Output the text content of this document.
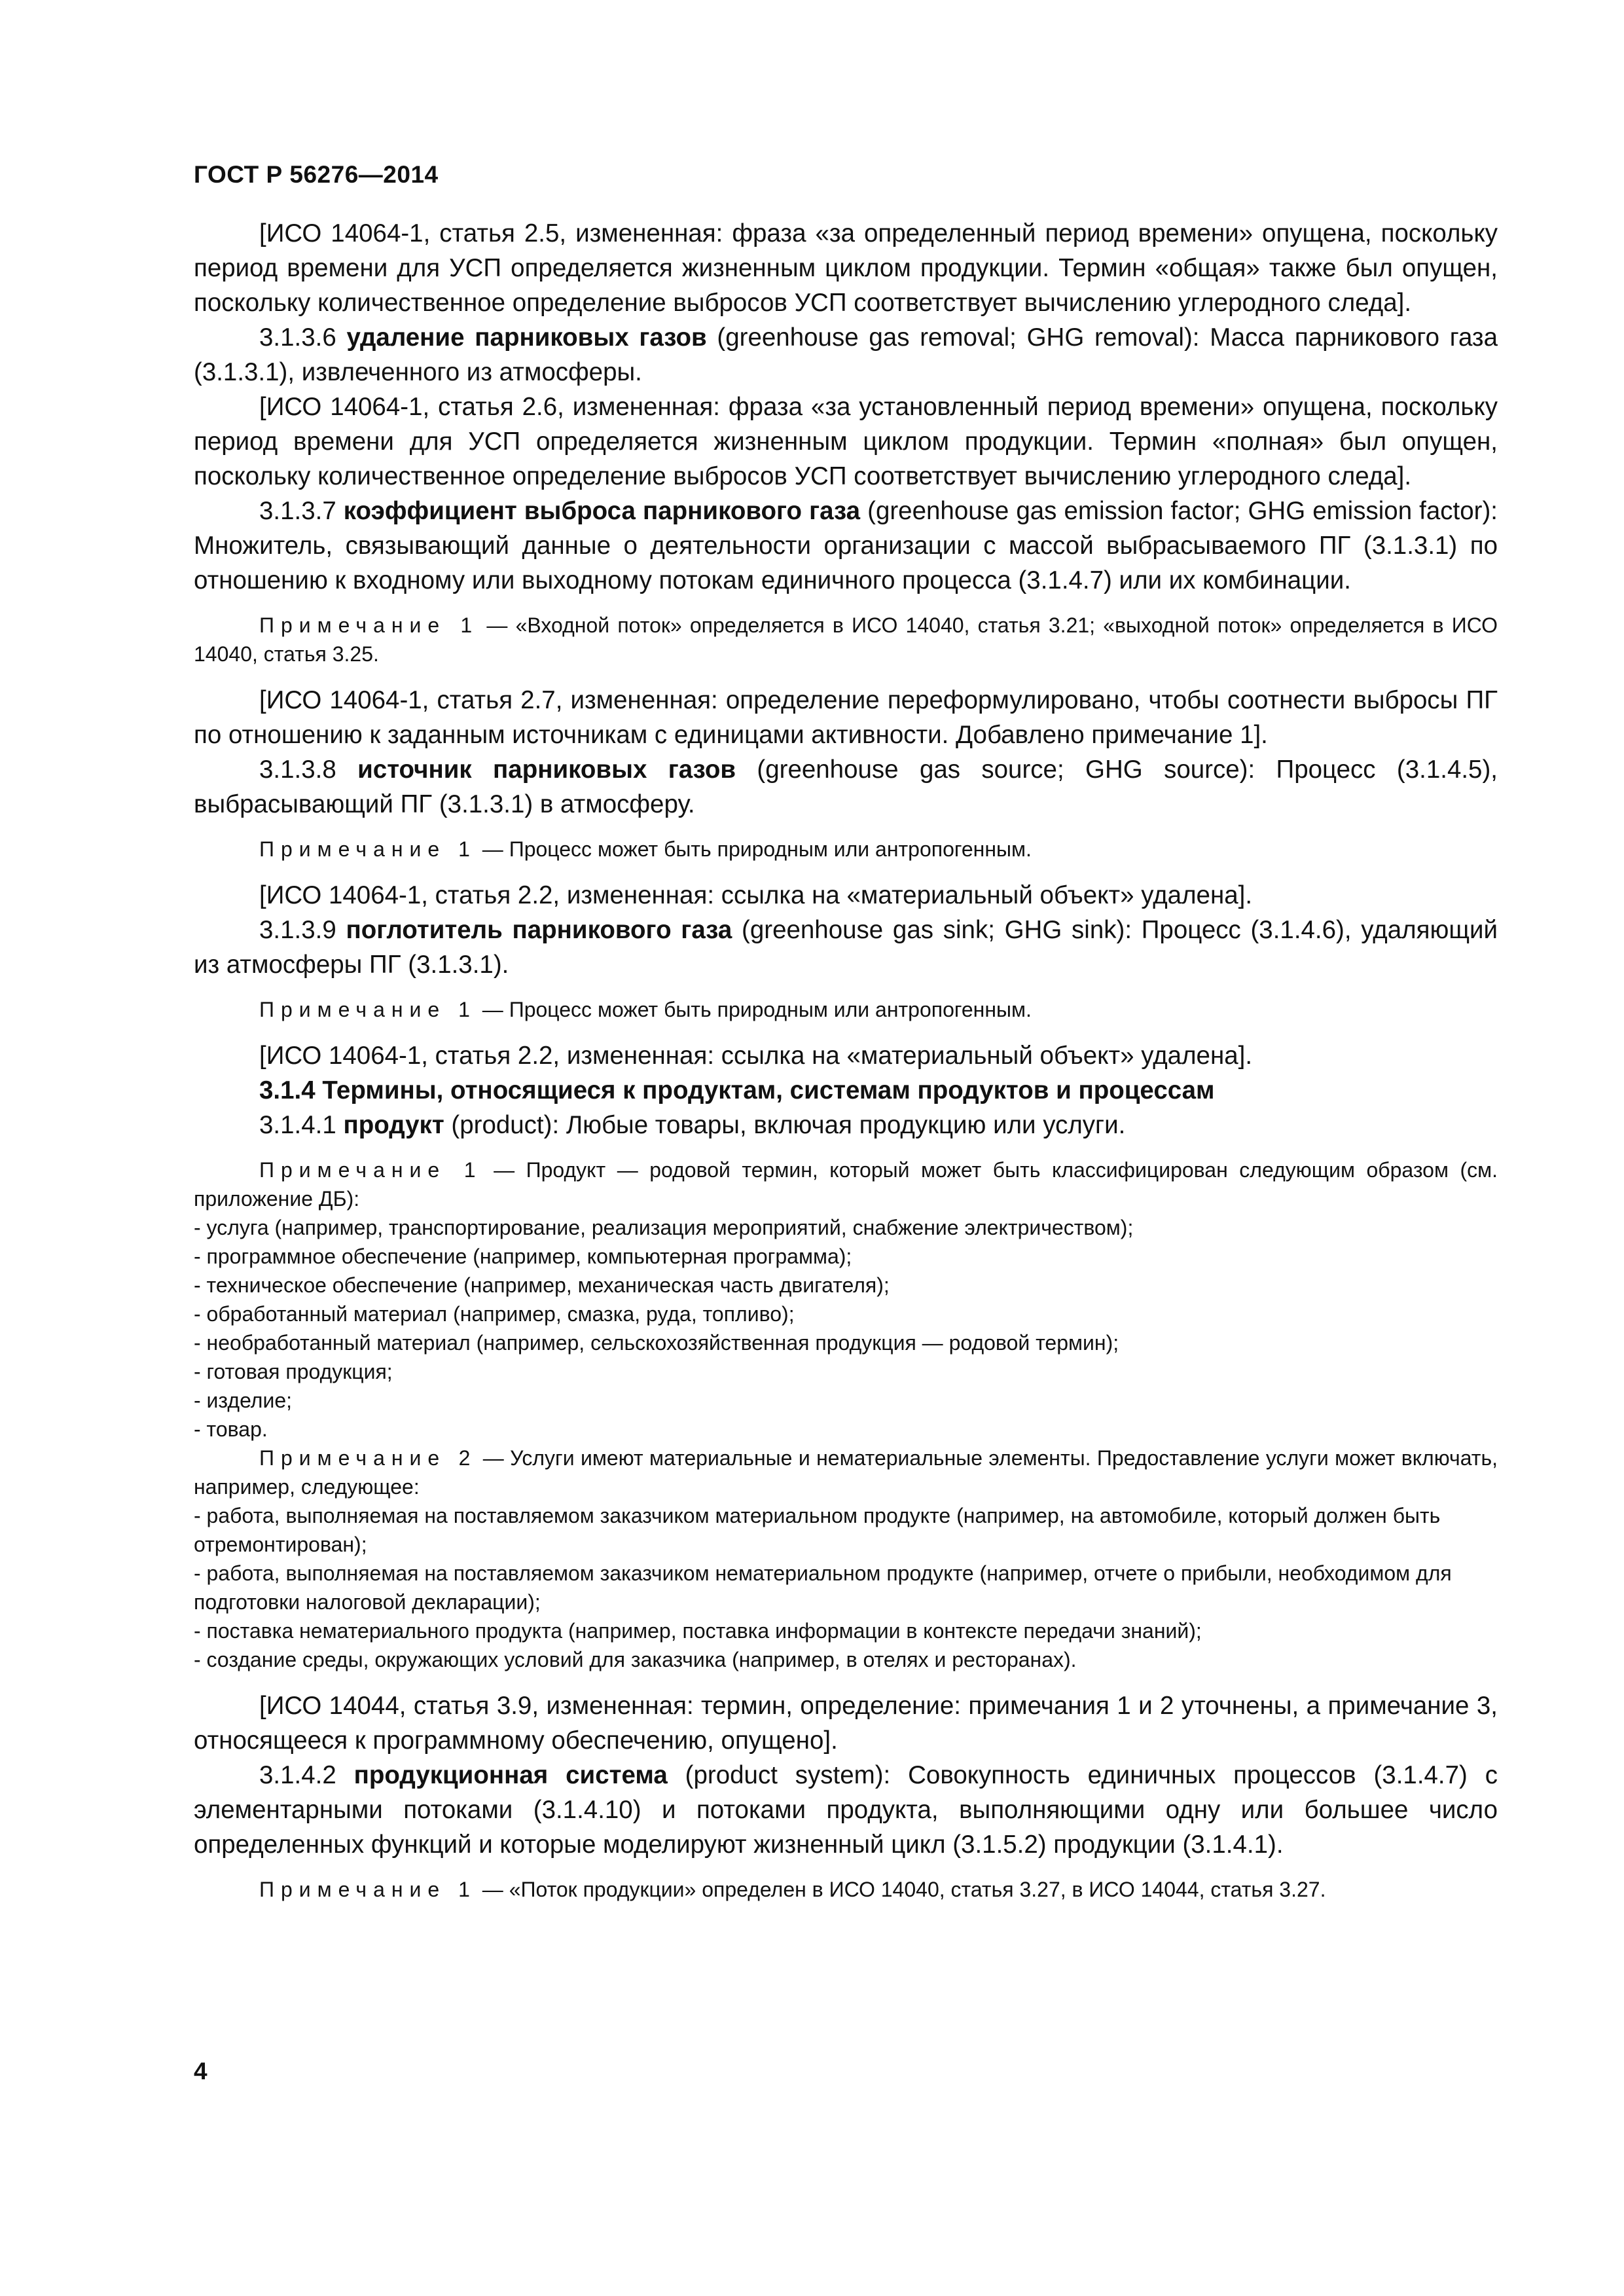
ГОСТ Р 56276—2014

[ИСО 14064-1, статья 2.5, измененная: фраза «за определенный период времени» опущена, поскольку период времени для УСП определяется жизненным циклом продукции. Термин «общая» также был опущен, поскольку количественное определение выбросов УСП соответствует вычислению углеродного следа].

3.1.3.6 удаление парниковых газов (greenhouse gas removal; GHG removal): Масса парникового газа (3.1.3.1), извлеченного из атмосферы.

[ИСО 14064-1, статья 2.6, измененная: фраза «за установленный период времени» опущена, поскольку период времени для УСП определяется жизненным циклом продукции. Термин «полная» был опущен, поскольку количественное определение выбросов УСП соответствует вычислению углеродного следа].

3.1.3.7 коэффициент выброса парникового газа (greenhouse gas emission factor; GHG emission factor): Множитель, связывающий данные о деятельности организации с массой выбрасываемого ПГ (3.1.3.1) по отношению к входному или выходному потокам единичного процесса (3.1.4.7) или их комбинации.

Примечание 1 — «Входной поток» определяется в ИСО 14040, статья 3.21; «выходной поток» определяется в ИСО 14040, статья 3.25.

[ИСО 14064-1, статья 2.7, измененная: определение переформулировано, чтобы соотнести выбросы ПГ по отношению к заданным источникам с единицами активности. Добавлено примечание 1].

3.1.3.8 источник парниковых газов (greenhouse gas source; GHG source): Процесс (3.1.4.5), выбрасывающий ПГ (3.1.3.1) в атмосферу.

Примечание 1 — Процесс может быть природным или антропогенным.

[ИСО 14064-1, статья 2.2, измененная: ссылка на «материальный объект» удалена].

3.1.3.9 поглотитель парникового газа (greenhouse gas sink; GHG sink): Процесс (3.1.4.6), удаляющий из атмосферы ПГ (3.1.3.1).

Примечание 1 — Процесс может быть природным или антропогенным.

[ИСО 14064-1, статья 2.2, измененная: ссылка на «материальный объект» удалена].

3.1.4 Термины, относящиеся к продуктам, системам продуктов и процессам

3.1.4.1 продукт (product): Любые товары, включая продукцию или услуги.

Примечание 1 — Продукт — родовой термин, который может быть классифицирован следующим образом (см. приложение ДБ):

- услуга (например, транспортирование, реализация мероприятий, снабжение электричеством);

- программное обеспечение (например, компьютерная программа);

- техническое обеспечение (например, механическая часть двигателя);

- обработанный материал (например, смазка, руда, топливо);

- необработанный материал (например, сельскохозяйственная продукция — родовой термин);

- готовая продукция;

- изделие;

- товар.

Примечание 2 — Услуги имеют материальные и нематериальные элементы. Предоставление услуги может включать, например, следующее:

- работа, выполняемая на поставляемом заказчиком материальном продукте (например, на автомобиле, который должен быть отремонтирован);

- работа, выполняемая на поставляемом заказчиком нематериальном продукте (например, отчете о прибыли, необходимом для подготовки налоговой декларации);

- поставка нематериального продукта (например, поставка информации в контексте передачи знаний);

- создание среды, окружающих условий для заказчика (например, в отелях и ресторанах).

[ИСО 14044, статья 3.9, измененная: термин, определение: примечания 1 и 2 уточнены, а примечание 3, относящееся к программному обеспечению, опущено].

3.1.4.2 продукционная система (product system): Совокупность единичных процессов (3.1.4.7) с элементарными потоками (3.1.4.10) и потоками продукта, выполняющими одну или большее число определенных функций и которые моделируют жизненный цикл (3.1.5.2) продукции (3.1.4.1).

Примечание 1 — «Поток продукции» определен в ИСО 14040, статья 3.27, в ИСО 14044, статья 3.27.

4
